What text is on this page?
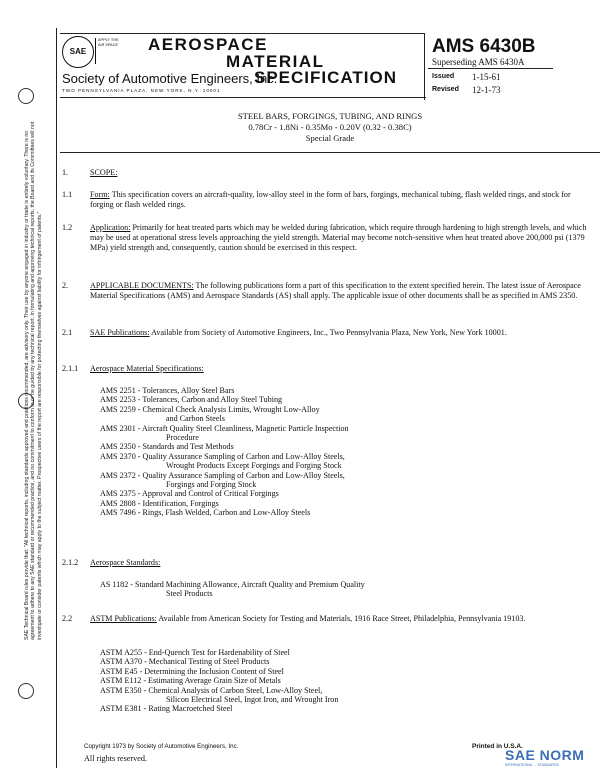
SAE Technical Board rules provide that: "All technical reports, including standards approved and practices recommended, are advisory only. Their use by anyone engaged in industry or trade is entirely voluntary. There is no agreement to adhere to any SAE standard or recommended practice, and no commitment to conform to or be guided by any technical report. In formulating and approving technical reports, the Board and its Committees will not investigate or consider patents which may apply to the subject matter. Prospective users of the report are responsible for protecting themselves against liability for infringement of patents."
SAE
APPLY THE AIR SPACE AEROSPACE
MATERIAL
Society of Automotive Engineers, Inc.
SPECIFICATION
TWO PENNSYLVANIA PLAZA, NEW YORK, N.Y. 10001
AMS 6430B
Superseding AMS 6430A
Issued 1-15-61
Revised 12-1-73
STEEL BARS, FORGINGS, TUBING, AND RINGS
0.78Cr - 1.8Ni - 0.35Mo - 0.20V (0.32 - 0.38C)
Special Grade
1.	SCOPE:
1.1 Form: This specification covers an aircraft-quality, low-alloy steel in the form of bars, forgings, mechanical tubing, flash welded rings, and stock for forging or flash welded rings.
1.2 Application: Primarily for heat treated parts which may be welded during fabrication, which require through hardening to high strength levels, and which may be used at operational stress levels approaching the yield strength. Material may become notch-sensitive when heat treated above 200,000 psi (1379 MPa) yield strength and, consequently, caution should be exercised in this respect.
2.	APPLICABLE DOCUMENTS: The following publications form a part of this specification to the extent specified herein. The latest issue of Aerospace Material Specifications (AMS) and Aerospace Standards (AS) shall apply. The applicable issue of other documents shall be as specified in AMS 2350.
2.1 SAE Publications: Available from Society of Automotive Engineers, Inc., Two Pennsylvania Plaza, New York, New York 10001.
2.1.1 Aerospace Material Specifications:
AMS 2251 - Tolerances, Alloy Steel Bars
AMS 2253 - Tolerances, Carbon and Alloy Steel Tubing
AMS 2259 - Chemical Check Analysis Limits, Wrought Low-Alloy
and Carbon Steels
AMS 2301 - Aircraft Quality Steel Cleanliness, Magnetic Particle Inspection
Procedure
AMS 2350 - Standards and Test Methods
AMS 2370 - Quality Assurance Sampling of Carbon and Low-Alloy Steels,
Wrought Products Except Forgings and Forging Stock
AMS 2372 - Quality Assurance Sampling of Carbon and Low-Alloy Steels,
Forgings and Forging Stock
AMS 2375 - Approval and Control of Critical Forgings
AMS 2808 - Identification, Forgings
AMS 7496 - Rings, Flash Welded, Carbon and Low-Alloy Steels
2.1.2 Aerospace Standards:
AS 1182 - Standard Machining Allowance, Aircraft Quality and Premium Quality
Steel Products
2.2 ASTM Publications: Available from American Society for Testing and Materials, 1916 Race Street, Philadelphia, Pennsylvania 19103.
ASTM A255 - End-Quench Test for Hardenability of Steel
ASTM A370 - Mechanical Testing of Steel Products
ASTM E45 - Determining the Inclusion Content of Steel
ASTM E112 - Estimating Average Grain Size of Metals
ASTM E350 - Chemical Analysis of Carbon Steel, Low-Alloy Steel,
Silicon Electrical Steel, Ingot Iron, and Wrought Iron
ASTM E381 - Rating Macroetched Steel
Copyright 1973 by Society of Automotive Engineers, Inc.
All rights reserved.
Printed in U.S.A.
SAE NORM
INTERNATIONAL ... STANDARDS
